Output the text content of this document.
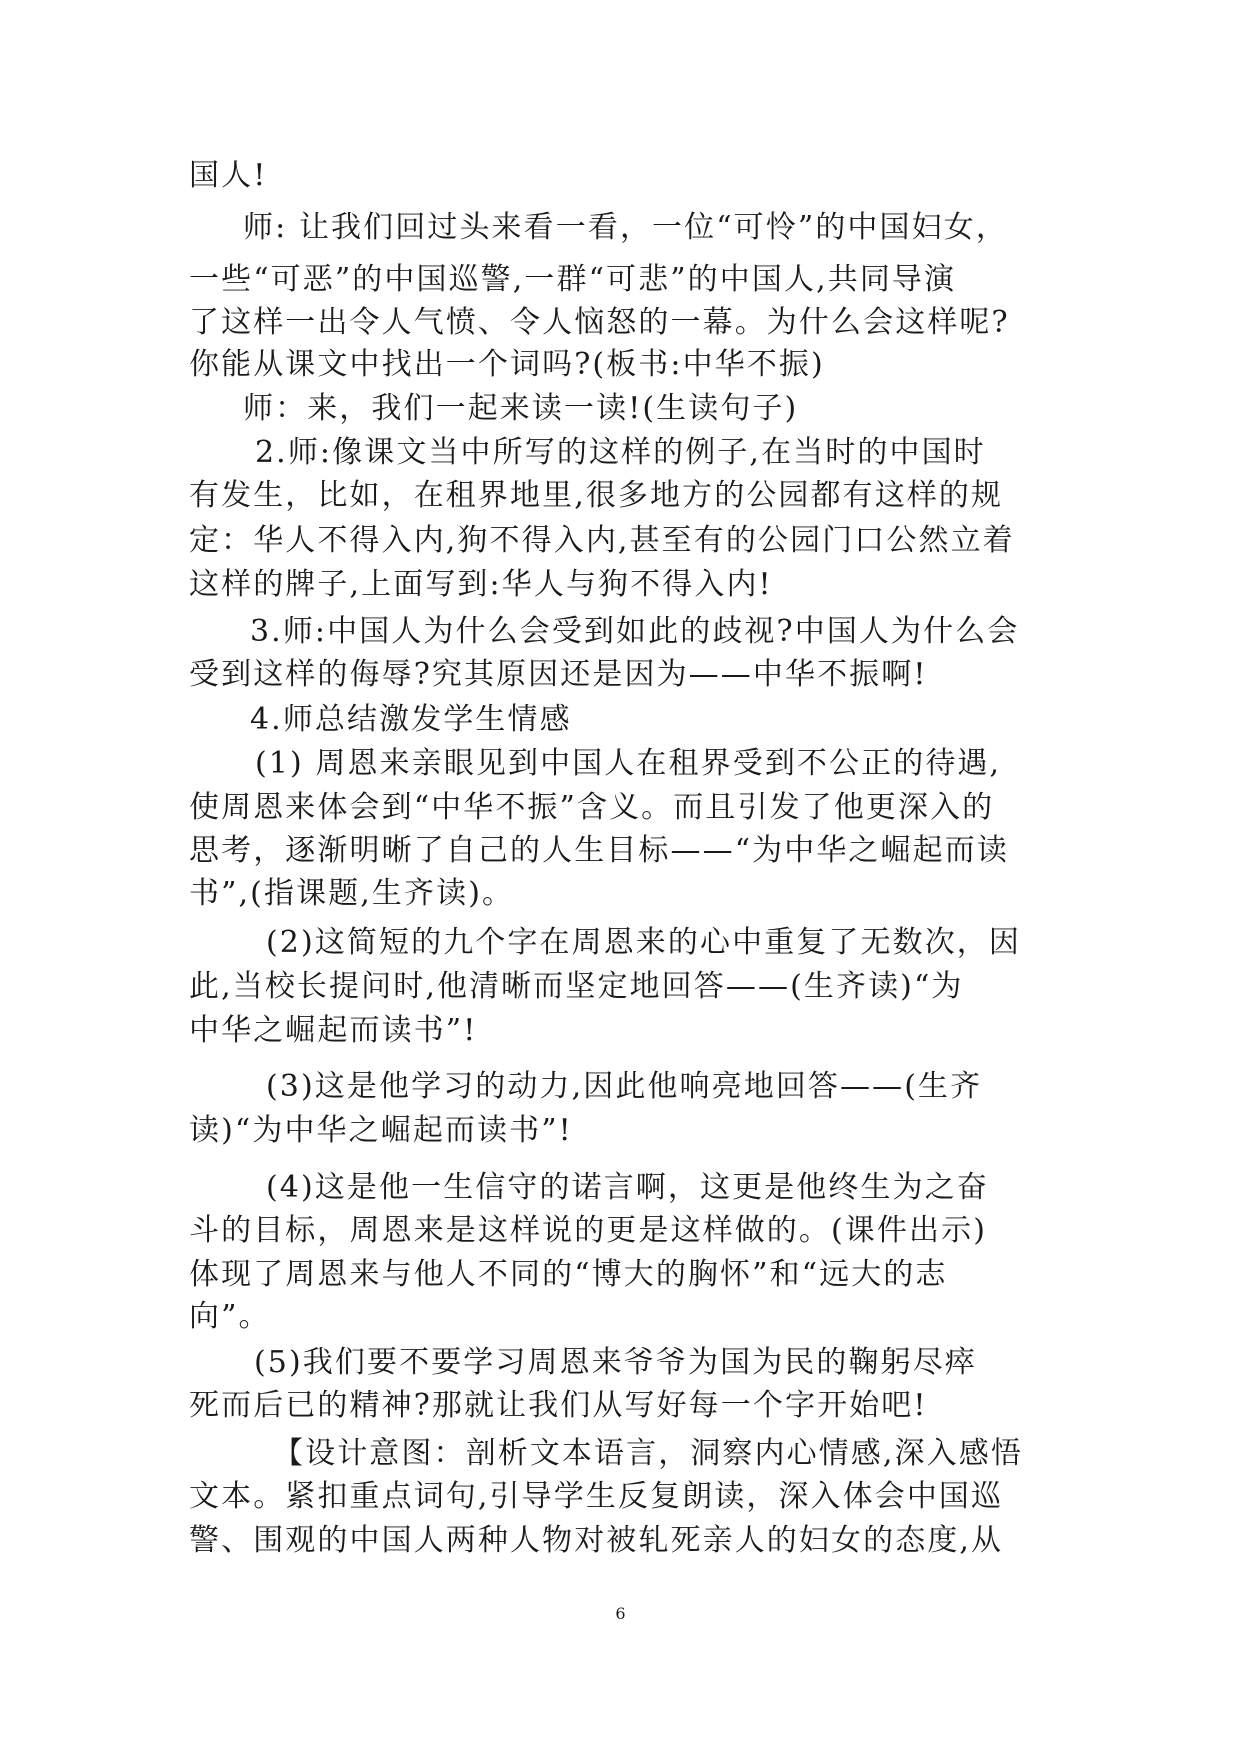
国人!
师: 让我们回过头来看一看，一位“可怜”的中国妇女，
一些“可恶”的中国巡警,一群“可悲”的中国人,共同导演
了这样一出令人气愤、令人恼怒的一幕。为什么会这样呢?
你能从课文中找出一个词吗?(板书:中华不振)
师：来，我们一起来读一读!(生读句子)
2.师:像课文当中所写的这样的例子,在当时的中国时
有发生，比如，在租界地里,很多地方的公园都有这样的规
定：华人不得入内,狗不得入内,甚至有的公园门口公然立着
这样的牌子,上面写到:华人与狗不得入内!
3.师:中国人为什么会受到如此的歧视?中国人为什么会
受到这样的侮辱?究其原因还是因为——中华不振啊!
4.师总结激发学生情感
(1) 周恩来亲眼见到中国人在租界受到不公正的待遇,
使周恩来体会到“中华不振”含义。而且引发了他更深入的
思考，逐渐明晰了自己的人生目标——“为中华之崛起而读
书”,(指课题,生齐读)。
(2)这简短的九个字在周恩来的心中重复了无数次，因
此,当校长提问时,他清晰而坚定地回答——(生齐读)“为
中华之崛起而读书”!
(3)这是他学习的动力,因此他响亮地回答——(生齐
读)“为中华之崛起而读书”!
(4)这是他一生信守的诺言啊，这更是他终生为之奋
斗的目标，周恩来是这样说的更是这样做的。(课件出示)
体现了周恩来与他人不同的“博大的胸怀”和“远大的志
向”。
(5)我们要不要学习周恩来爷爷为国为民的鞠躬尽瘁
死而后已的精神?那就让我们从写好每一个字开始吧!
【设计意图：剖析文本语言，洞察内心情感,深入感悟
文本。紧扣重点词句,引导学生反复朗读，深入体会中国巡
警、围观的中国人两种人物对被轧死亲人的妇女的态度,从
6
